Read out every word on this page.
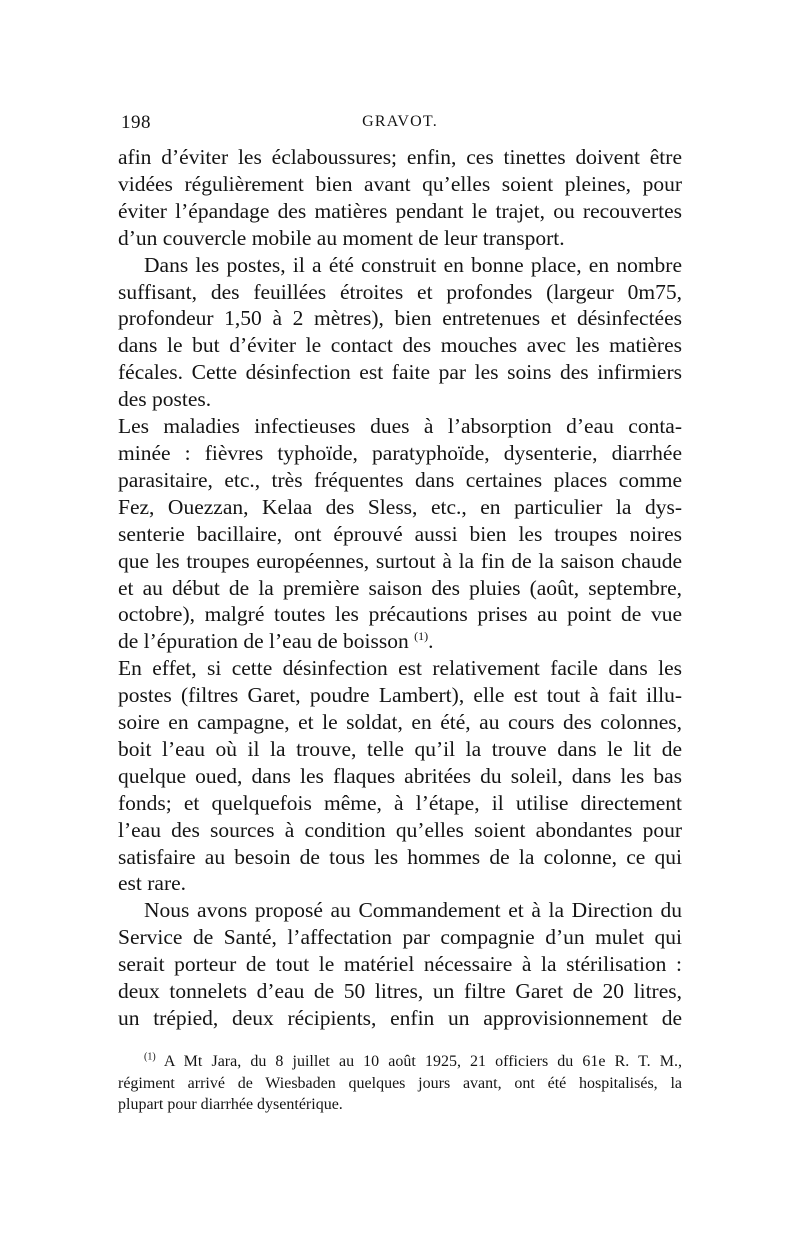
198	GRAVOT.

afin d’éviter les éclaboussures; enfin, ces tinettes doivent être
vidées régulièrement bien avant qu’elles soient pleines, pour
éviter l’épandage des matières pendant le trajet, ou recouvertes
d’un couvercle mobile au moment de leur transport.

Dans les postes, il a été construit en bonne place, en nombre
suffisant, des feuillées étroites et profondes (largeur 0m75,
profondeur 1,50 à 2 mètres), bien entretenues et désinfectées
dans le but d’éviter le contact des mouches avec les matières
fécales. Cette désinfection est faite par les soins des infirmiers
des postes.

Les maladies infectieuses dues à l’absorption d’eau conta-
minée : fièvres typhoïde, paratyphoïde, dysenterie, diarrhée
parasitaire, etc., très fréquentes dans certaines places comme
Fez, Ouezzan, Kelaa des Sless, etc., en particulier la dys-
senterie bacillaire, ont éprouvé aussi bien les troupes noires
que les troupes européennes, surtout à la fin de la saison chaude
et au début de la première saison des pluies (août, septembre,
octobre), malgré toutes les précautions prises au point de vue
de l’épuration de l’eau de boisson $^{(1)}$.

En effet, si cette désinfection est relativement facile dans les
postes (filtres Garet, poudre Lambert), elle est tout à fait illu-
soire en campagne, et le soldat, en été, au cours des colonnes,
boit l’eau où il la trouve, telle qu’il la trouve dans le lit de
quelque oued, dans les flaques abritées du soleil, dans les bas
fonds; et quelquefois même, à l’étape, il utilise directement
l’eau des sources à condition qu’elles soient abondantes pour
satisfaire au besoin de tous les hommes de la colonne, ce qui
est rare.

Nous avons proposé au Commandement et à la Direction du
Service de Santé, l’affectation par compagnie d’un mulet qui
serait porteur de tout le matériel nécessaire à la stérilisation :
deux tonnelets d’eau de 50 litres, un filtre Garet de 20 litres,
un trépied, deux récipients, enfin un approvisionnement de

$^{(1)}$ A Mt Jara, du 8 juillet au 10 août 1925, 21 officiers du 61e R. T. M.,
régiment arrivé de Wiesbaden quelques jours avant, ont été hospitalisés, la
plupart pour diarrhée dysentérique.
